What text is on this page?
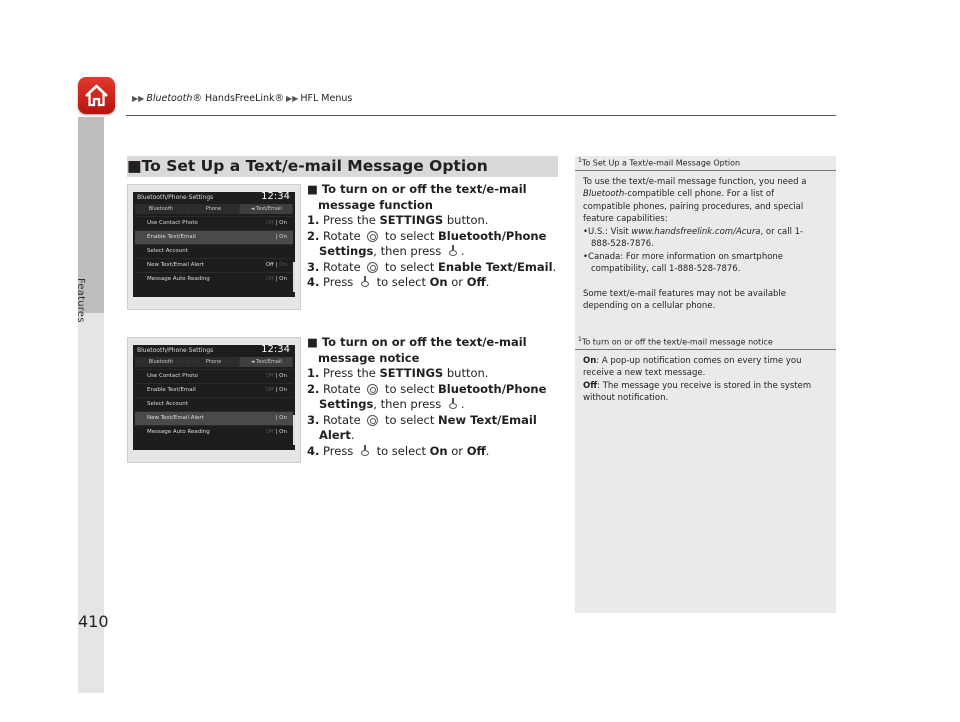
▶▶ Bluetooth® HandsFreeLink® ▶▶ HFL Menus
Features
410
■To Set Up a Text/e-mail Message Option
Bluetooth/Phone Settings	12:34
Bluetooth	Phone	◄ Text/Email
Use Contact Photo	Off | On
Enable Text/Email	| On
Select Account
New Text/Email Alert	Off | On
Message Auto Reading	Off | On
Bluetooth/Phone Settings	12:34
Bluetooth	Phone	◄ Text/Email
Use Contact Photo	Off | On
Enable Text/Email	Off | On
Select Account
New Text/Email Alert	| On
Message Auto Reading	Off | On
■ To turn on or off the text/e-mail
message function
1. Press the SETTINGS button.
2. Rotate  to select Bluetooth/Phone
Settings, then press .
3. Rotate  to select Enable Text/Email.
4. Press  to select On or Off.
■ To turn on or off the text/e-mail
message notice
1. Press the SETTINGS button.
2. Rotate  to select Bluetooth/Phone
Settings, then press .
3. Rotate  to select New Text/Email
Alert.
4. Press  to select On or Off.
$^1$To Set Up a Text/e-mail Message Option
To use the text/e-mail message function, you need a
Bluetooth-compatible cell phone. For a list of
compatible phones, pairing procedures, and special
feature capabilities:
•U.S.: Visit www.handsfreelink.com/Acura, or call 1-
888-528-7876.
•Canada: For more information on smartphone
compatibility, call 1-888-528-7876.
Some text/e-mail features may not be available
depending on a cellular phone.
$^1$To turn on or off the text/e-mail message notice
On: A pop-up notification comes on every time you
receive a new text message.
Off: The message you receive is stored in the system
without notification.
